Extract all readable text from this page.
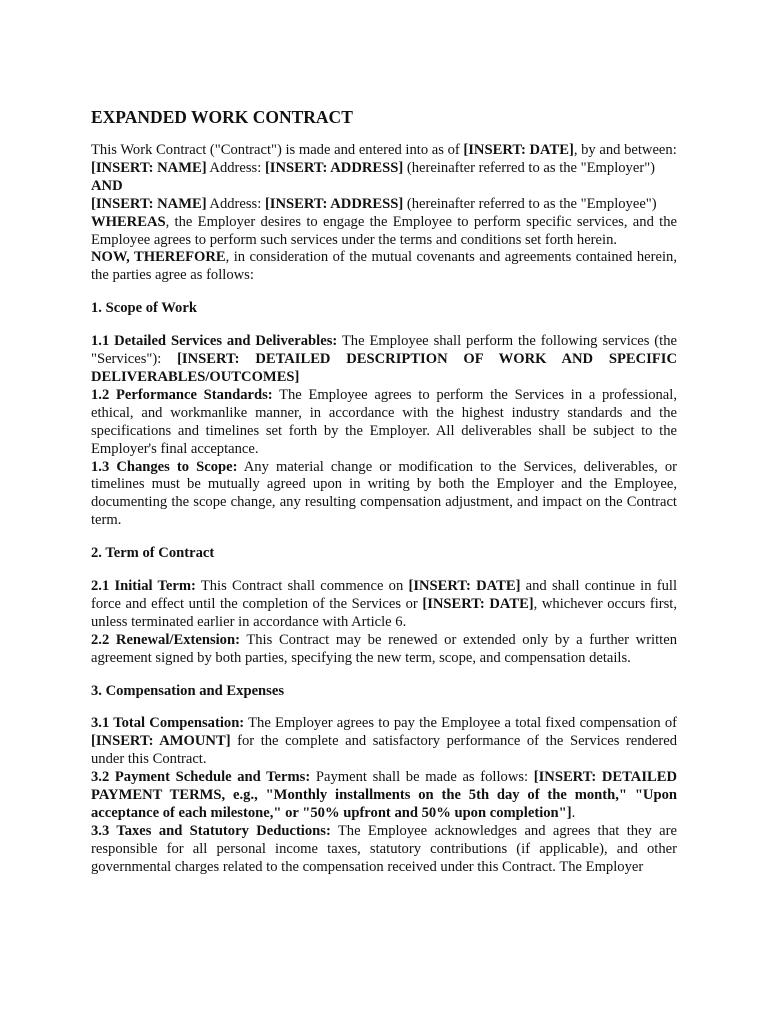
EXPANDED WORK CONTRACT

This Work Contract ("Contract") is made and entered into as of [INSERT: DATE], by and between:

[INSERT: NAME] Address: [INSERT: ADDRESS] (hereinafter referred to as the "Employer")

AND

[INSERT: NAME] Address: [INSERT: ADDRESS] (hereinafter referred to as the "Employee")

WHEREAS, the Employer desires to engage the Employee to perform specific services, and the Employee agrees to perform such services under the terms and conditions set forth herein.

NOW, THEREFORE, in consideration of the mutual covenants and agreements contained herein, the parties agree as follows:

1. Scope of Work

1.1 Detailed Services and Deliverables: The Employee shall perform the following services (the "Services"): [INSERT: DETAILED DESCRIPTION OF WORK AND SPECIFIC DELIVERABLES/OUTCOMES]

1.2 Performance Standards: The Employee agrees to perform the Services in a professional, ethical, and workmanlike manner, in accordance with the highest industry standards and the specifications and timelines set forth by the Employer. All deliverables shall be subject to the Employer's final acceptance.

1.3 Changes to Scope: Any material change or modification to the Services, deliverables, or timelines must be mutually agreed upon in writing by both the Employer and the Employee, documenting the scope change, any resulting compensation adjustment, and impact on the Contract term.

2. Term of Contract

2.1 Initial Term: This Contract shall commence on [INSERT: DATE] and shall continue in full force and effect until the completion of the Services or [INSERT: DATE], whichever occurs first, unless terminated earlier in accordance with Article 6.

2.2 Renewal/Extension: This Contract may be renewed or extended only by a further written agreement signed by both parties, specifying the new term, scope, and compensation details.

3. Compensation and Expenses

3.1 Total Compensation: The Employer agrees to pay the Employee a total fixed compensation of [INSERT: AMOUNT] for the complete and satisfactory performance of the Services rendered under this Contract.

3.2 Payment Schedule and Terms: Payment shall be made as follows: [INSERT: DETAILED PAYMENT TERMS, e.g., "Monthly installments on the 5th day of the month," "Upon acceptance of each milestone," or "50% upfront and 50% upon completion"].

3.3 Taxes and Statutory Deductions: The Employee acknowledges and agrees that they are responsible for all personal income taxes, statutory contributions (if applicable), and other governmental charges related to the compensation received under this Contract. The Employer
